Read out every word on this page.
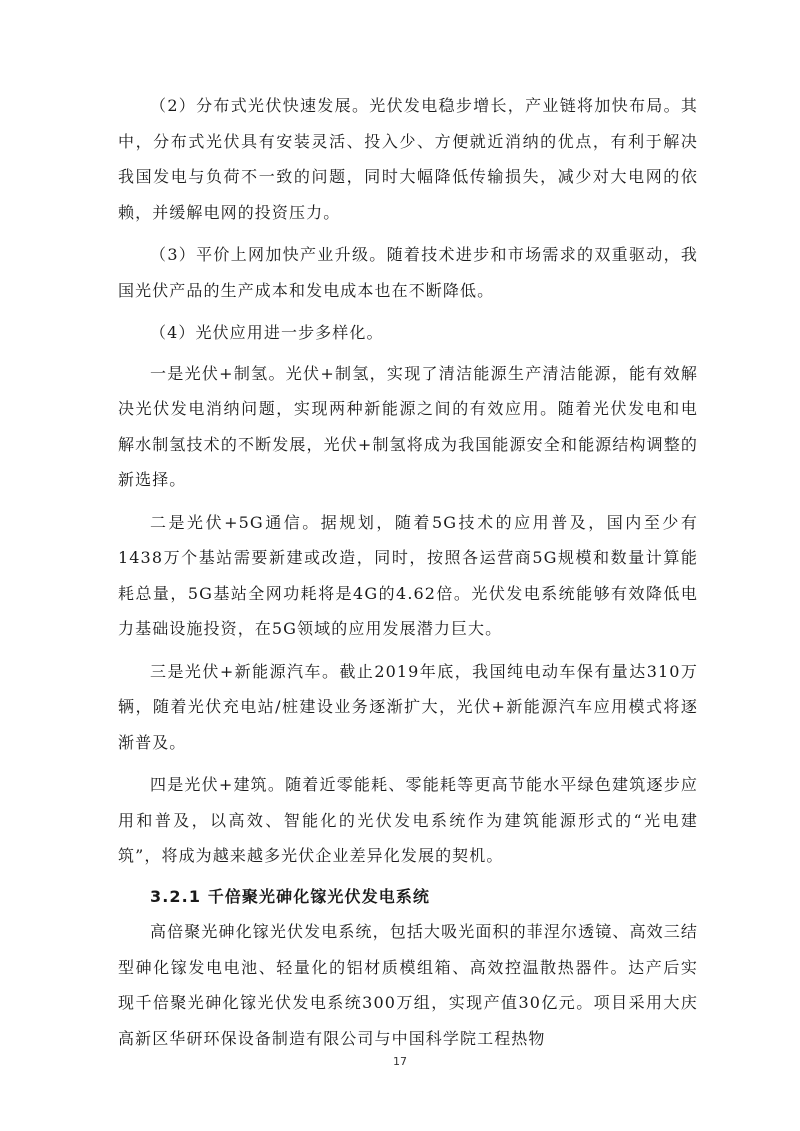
（2）分布式光伏快速发展。光伏发电稳步增长，产业链将加快布局。其中，分布式光伏具有安装灵活、投入少、方便就近消纳的优点，有利于解决我国发电与负荷不一致的问题，同时大幅降低传输损失，减少对大电网的依赖，并缓解电网的投资压力。

（3）平价上网加快产业升级。随着技术进步和市场需求的双重驱动，我国光伏产品的生产成本和发电成本也在不断降低。

（4）光伏应用进一步多样化。

一是光伏+制氢。光伏+制氢，实现了清洁能源生产清洁能源，能有效解决光伏发电消纳问题，实现两种新能源之间的有效应用。随着光伏发电和电解水制氢技术的不断发展，光伏+制氢将成为我国能源安全和能源结构调整的新选择。

二是光伏+5G通信。据规划，随着5G技术的应用普及，国内至少有1438万个基站需要新建或改造，同时，按照各运营商5G规模和数量计算能耗总量，5G基站全网功耗将是4G的4.62倍。光伏发电系统能够有效降低电力基础设施投资，在5G领域的应用发展潜力巨大。

三是光伏+新能源汽车。截止2019年底，我国纯电动车保有量达310万辆，随着光伏充电站/桩建设业务逐渐扩大，光伏+新能源汽车应用模式将逐渐普及。

四是光伏+建筑。随着近零能耗、零能耗等更高节能水平绿色建筑逐步应用和普及，以高效、智能化的光伏发电系统作为建筑能源形式的“光电建筑”，将成为越来越多光伏企业差异化发展的契机。

3.2.1 千倍聚光砷化镓光伏发电系统

高倍聚光砷化镓光伏发电系统，包括大吸光面积的菲涅尔透镜、高效三结型砷化镓发电电池、轻量化的铝材质模组箱、高效控温散热器件。达产后实现千倍聚光砷化镓光伏发电系统300万组，实现产值30亿元。项目采用大庆高新区华研环保设备制造有限公司与中国科学院工程热物

17
